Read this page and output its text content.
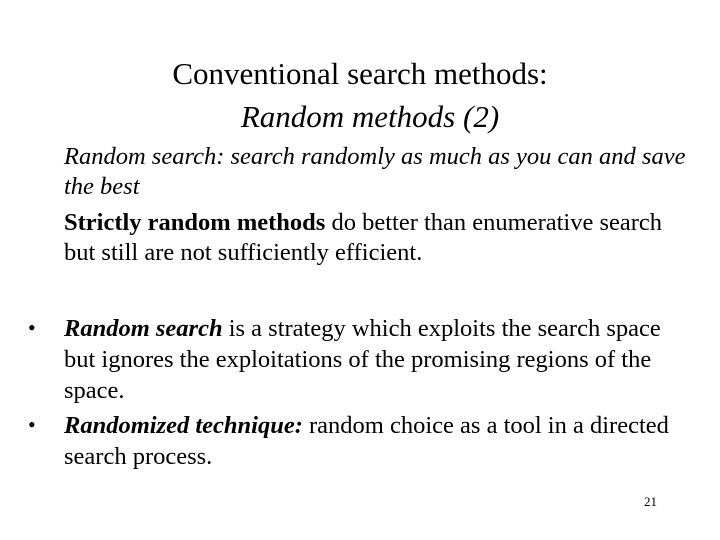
Conventional search methods:
Random methods (2)
Random search: search randomly as much as you can and save the best
Strictly random methods do better than enumerative search but still are not sufficiently efficient.
• Random search is a strategy which exploits the search space but ignores the exploitations of the promising regions of the space.
• Randomized technique: random choice as a tool in a directed search process.
21
